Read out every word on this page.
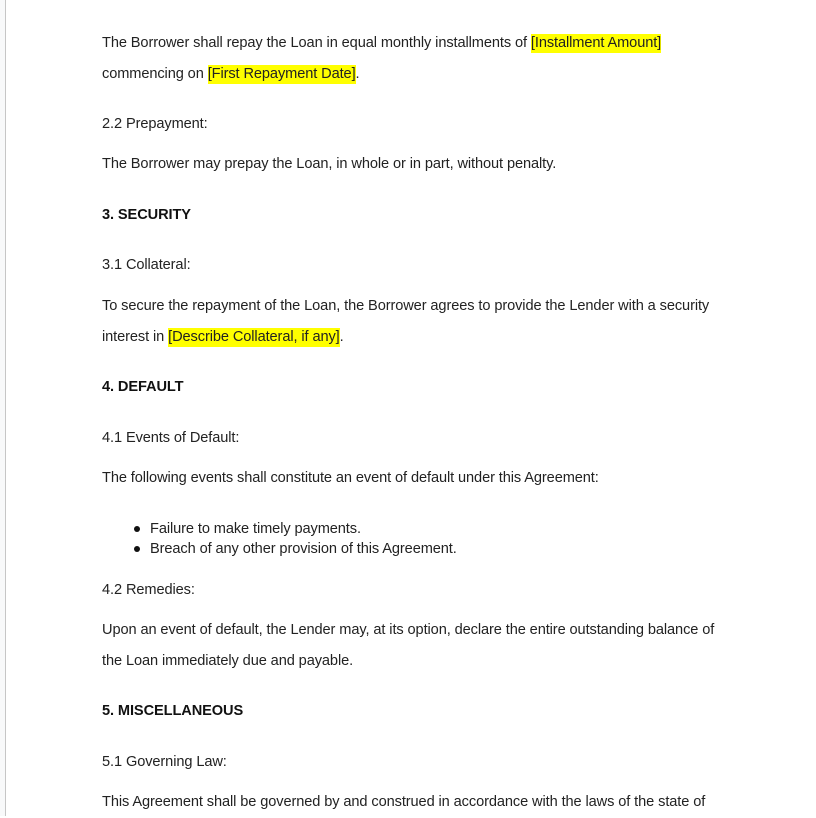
The Borrower shall repay the Loan in equal monthly installments of [Installment Amount]
commencing on [First Repayment Date].
2.2 Prepayment:
The Borrower may prepay the Loan, in whole or in part, without penalty.
3. SECURITY
3.1 Collateral:
To secure the repayment of the Loan, the Borrower agrees to provide the Lender with a security
interest in [Describe Collateral, if any].
4. DEFAULT
4.1 Events of Default:
The following events shall constitute an event of default under this Agreement:
Failure to make timely payments.
Breach of any other provision of this Agreement.
4.2 Remedies:
Upon an event of default, the Lender may, at its option, declare the entire outstanding balance of
the Loan immediately due and payable.
5. MISCELLANEOUS
5.1 Governing Law:
This Agreement shall be governed by and construed in accordance with the laws of the state of
